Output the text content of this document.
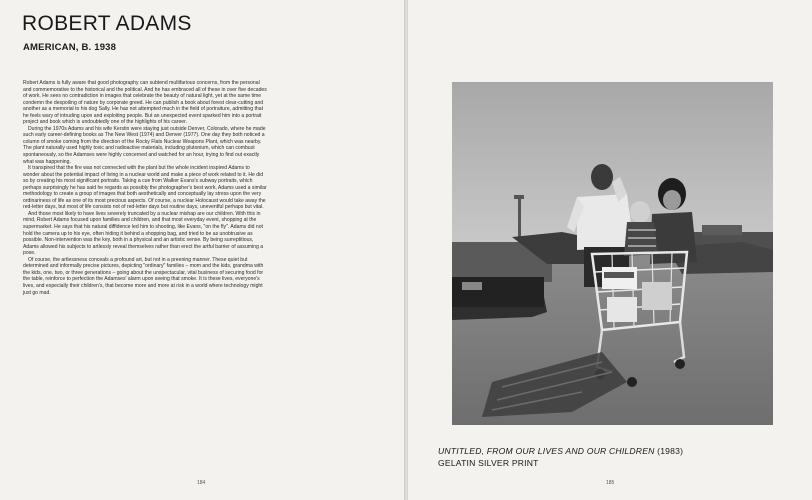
ROBERT ADAMS
AMERICAN, B. 1938

Robert Adams is fully aware that good photography can subtend multifarious concerns, from the personal and commemorative to the historical and the political. And he has embraced all of these in over five decades of work. He sees no contradiction in images that celebrate the beauty of natural light, yet at the same time condemn the despoiling of nature by corporate greed. He can publish a book about forest clear-cutting and another as a memorial to his dog Sally. He has not attempted much in the field of portraiture, admitting that he feels wary of intruding upon and exploiting people. But an unexpected event sparked him into a portrait project and book which is undoubtedly one of the highlights of his career.

During the 1970s Adams and his wife Kerstin were staying just outside Denver, Colorado, where he made such early career-defining books as The New West (1974) and Denver (1977). One day they both noticed a column of smoke coming from the direction of the Rocky Flats Nuclear Weapons Plant, which was nearby. The plant naturally used highly toxic and radioactive materials, including plutonium, which can combust spontaneously, so the Adamses were highly concerned and watched for an hour, trying to find out exactly what was happening.

It transpired that the fire was not connected with the plant but the whole incident inspired Adams to wonder about the potential impact of living in a nuclear world and make a piece of work related to it. He did so by creating his most significant portraits. Taking a cue from Walker Evans's subway portraits, which perhaps surprisingly he has said he regards as possibly the photographer's best work, Adams used a similar methodology to create a group of images that both aesthetically and conceptually lay stress upon the very ordinariness of life as one of its most precious aspects. Of course, a nuclear Holocaust would take away the red-letter days, but most of life consists not of red-letter days but routine days, uneventful perhaps but vital.

And those most likely to have lives severely truncated by a nuclear mishap are our children. With this in mind, Robert Adams focused upon families and children, and that most everyday event, shopping at the supermarket. He says that his natural diffidence led him to shooting, like Evans, "on the fly". Adams did not hold the camera up to his eye, often hiding it behind a shopping bag, and tried to be as unobtrusive as possible. Non-intervention was the key, both in a physical and an artistic sense. By being surreptitious, Adams allowed his subjects to artlessly reveal themselves rather than erect the artful barrier of assuming a pose.

Of course, the artlessness conceals a profound art, but not in a preening manner. These quiet but determined and informally precise pictures, depicting "ordinary" families – mom and the kids, grandma with the kids, one, two, or three generations – going about the unspectacular, vital business of securing food for the table, reinforce to perfection the Adamses' alarm upon seeing that smoke. It is these lives, everyone's lives, and especially their children's, that become more and more at risk in a world where technology might just go mad.

184
UNTITLED, FROM OUR LIVES AND OUR CHILDREN (1983)
GELATIN SILVER PRINT
185
